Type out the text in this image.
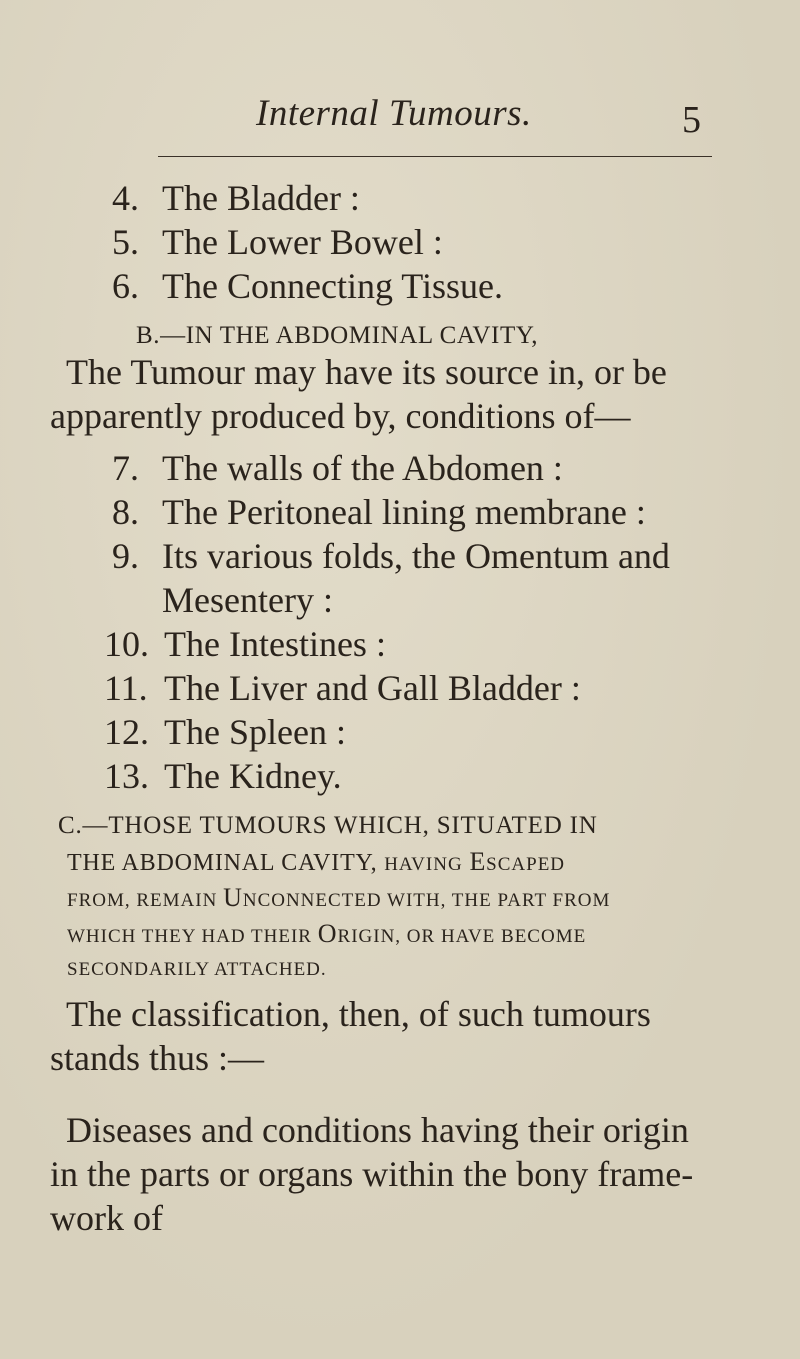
Internal Tumours.	5
4. The Bladder :
5. The Lower Bowel :
6. The Connecting Tissue.
B.—IN THE ABDOMINAL CAVITY,
The Tumour may have its source in, or be
apparently produced by, conditions of—
7. The walls of the Abdomen :
8. The Peritoneal lining membrane :
9. Its various folds, the Omentum and
Mesentery :
10. The Intestines :
11. The Liver and Gall Bladder :
12. The Spleen :
13. The Kidney.
C.—THOSE TUMOURS WHICH, SITUATED IN
THE ABDOMINAL CAVITY, HAVING ESCAPED
FROM, REMAIN UNCONNECTED WITH, THE PART FROM
WHICH THEY HAD THEIR ORIGIN, OR HAVE BECOME
SECONDARILY ATTACHED.
The classification, then, of such tumours
stands thus :—
Diseases and conditions having their origin
in the parts or organs within the bony frame-
work of
